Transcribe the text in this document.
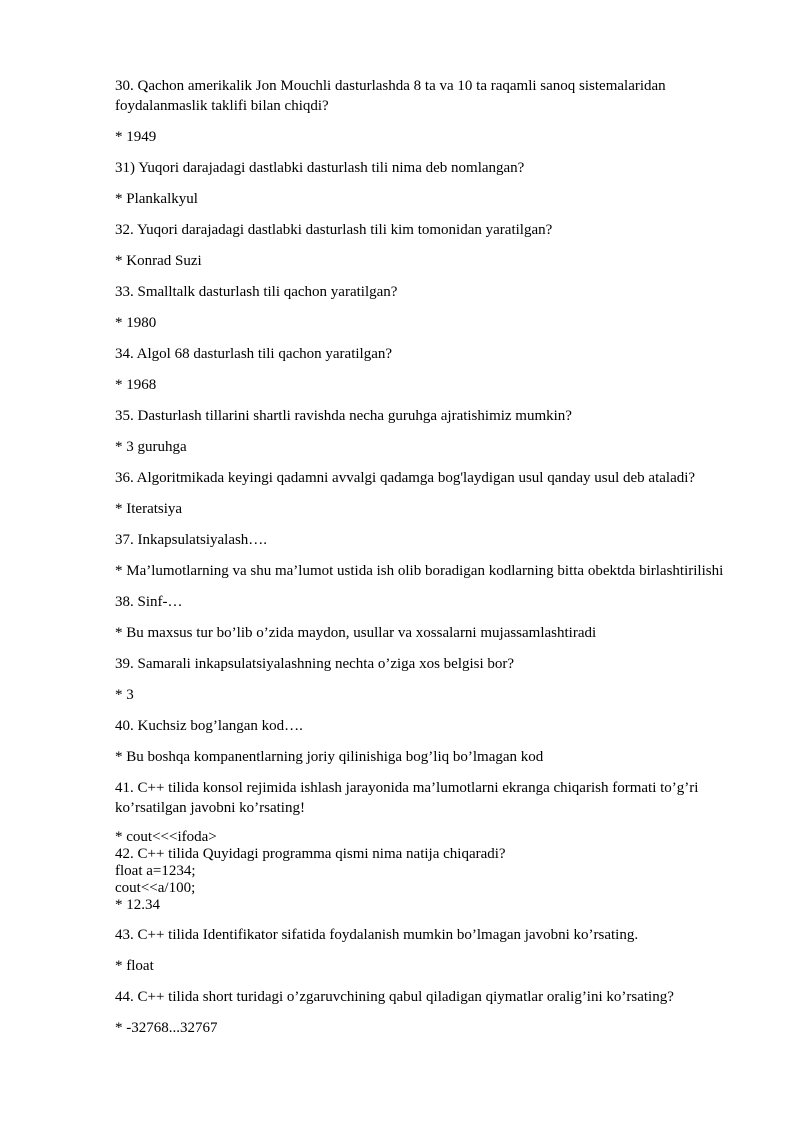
30. Qachon amerikalik Jon Mouchli dasturlashda 8 ta va 10 ta raqamli sanoq sistemalaridan foydalanmaslik taklifi bilan chiqdi?
* 1949
31) Yuqori darajadagi dastlabki dasturlash tili nima deb nomlangan?
* Plankalkyul
32. Yuqori darajadagi dastlabki dasturlash tili kim tomonidan yaratilgan?
* Konrad Suzi
33. Smalltalk dasturlash tili qachon yaratilgan?
* 1980
34. Algol 68 dasturlash tili qachon yaratilgan?
* 1968
35. Dasturlash tillarini shartli ravishda necha guruhga ajratishimiz mumkin?
* 3 guruhga
36. Algoritmikada keyingi qadamni avvalgi qadamga bog'laydigan usul qanday usul deb ataladi?
* Iteratsiya
37. Inkapsulatsiyalash….
* Ma’lumotlarning va shu ma’lumot ustida ish olib boradigan kodlarning bitta obektda birlashtirilishi
38. Sinf-…
* Bu maxsus tur bo’lib o’zida maydon, usullar va xossalarni mujassamlashtiradi
39. Samarali inkapsulatsiyalashning nechta o’ziga xos belgisi bor?
* 3
40. Kuchsiz bog’langan kod….
* Bu boshqa kompanentlarning joriy qilinishiga bog’liq bo’lmagan kod
41. C++ tilida konsol rejimida ishlash jarayonida ma’lumotlarni ekranga chiqarish formati to’g’ri ko’rsatilgan javobni ko’rsating!
* cout<<<ifoda>
42. C++ tilida Quyidagi programma qismi nima natija chiqaradi?
float a=1234;
cout<<a/100;
* 12.34
43. C++ tilida Identifikator sifatida foydalanish mumkin bo’lmagan javobni ko’rsating.
* float
44. C++ tilida short turidagi o’zgaruvchining qabul qiladigan qiymatlar oralig’ini ko’rsating?
* -32768...32767
